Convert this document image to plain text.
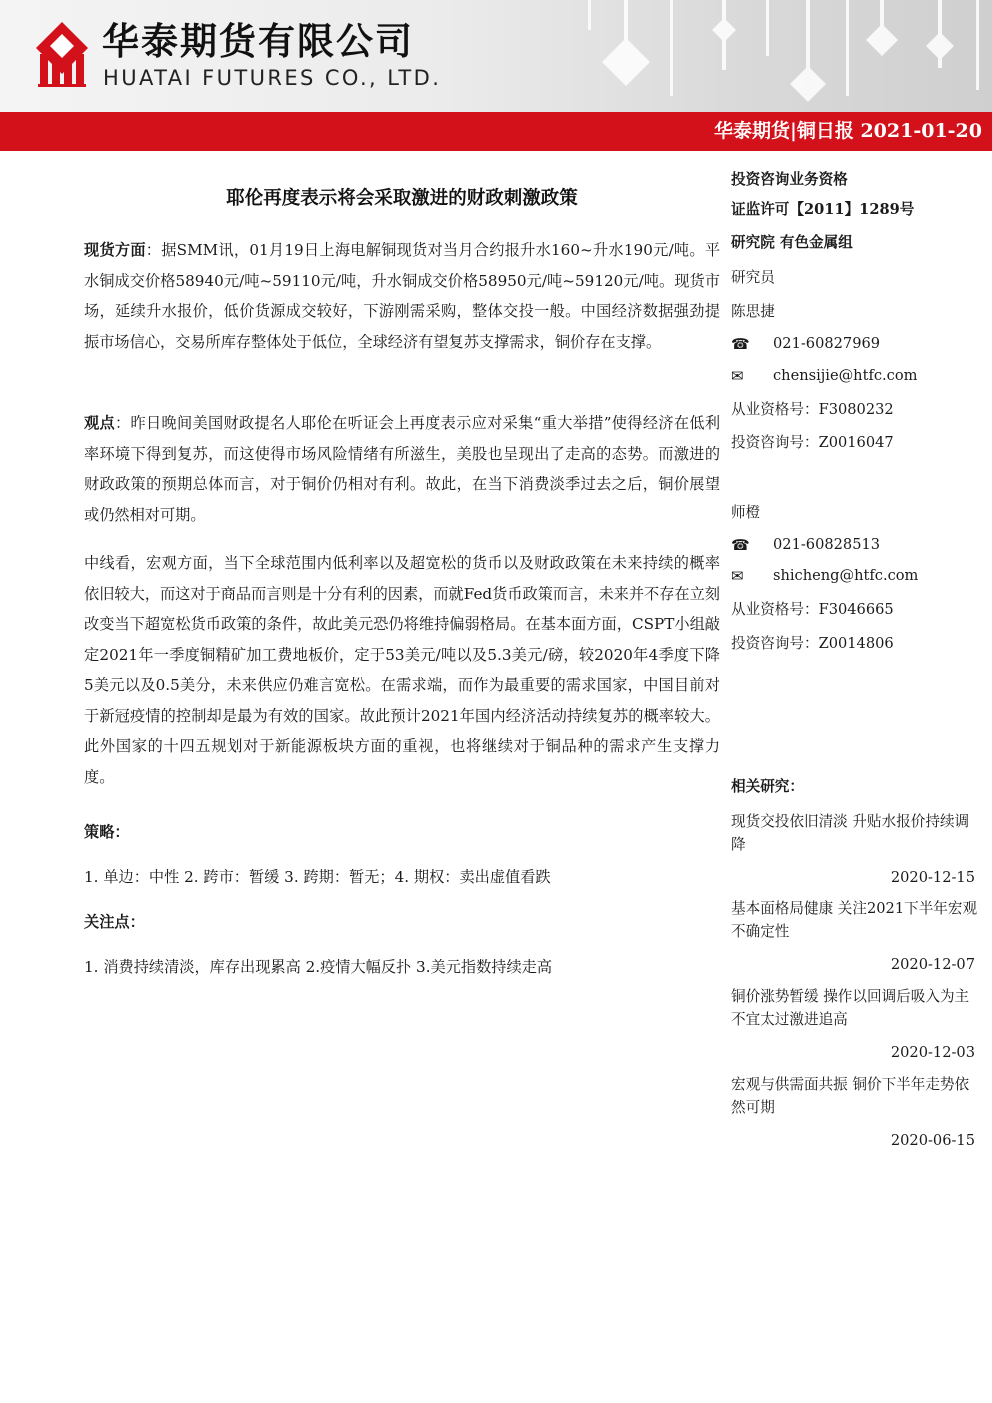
华泰期货有限公司
HUATAI FUTURES CO., LTD.
华泰期货|铜日报 2021-01-20
耶伦再度表示将会采取激进的财政刺激政策

现货方面：据SMM讯，01月19日上海电解铜现货对当月合约报升水160~升水190元/吨。平水铜成交价格58940元/吨~59110元/吨，升水铜成交价格58950元/吨~59120元/吨。现货市场，延续升水报价，低价货源成交较好，下游刚需采购，整体交投一般。中国经济数据强劲提振市场信心，交易所库存整体处于低位，全球经济有望复苏支撑需求，铜价存在支撑。

观点：昨日晚间美国财政提名人耶伦在听证会上再度表示应对采集“重大举措”使得经济在低利率环境下得到复苏，而这使得市场风险情绪有所滋生，美股也呈现出了走高的态势。而激进的财政政策的预期总体而言，对于铜价仍相对有利。故此，在当下消费淡季过去之后，铜价展望或仍然相对可期。

中线看，宏观方面，当下全球范围内低利率以及超宽松的货币以及财政政策在未来持续的概率依旧较大，而这对于商品而言则是十分有利的因素，而就Fed货币政策而言，未来并不存在立刻改变当下超宽松货币政策的条件，故此美元恐仍将维持偏弱格局。在基本面方面，CSPT小组敲定2021年一季度铜精矿加工费地板价，定于53美元/吨以及5.3美元/磅，较2020年4季度下降5美元以及0.5美分，未来供应仍难言宽松。在需求端，而作为最重要的需求国家，中国目前对于新冠疫情的控制却是最为有效的国家。故此预计2021年国内经济活动持续复苏的概率较大。此外国家的十四五规划对于新能源板块方面的重视，也将继续对于铜品种的需求产生支撑力度。

策略：
1. 单边：中性 2. 跨市：暂缓 3. 跨期：暂无；4. 期权：卖出虚值看跌
关注点：
1. 消费持续清淡，库存出现累高 2.疫情大幅反扑 3.美元指数持续走高
投资咨询业务资格
证监许可【2011】1289号
研究院 有色金属组
研究员
陈思捷
☎ 021-60827969
✉ chensijie@htfc.com
从业资格号：F3080232
投资咨询号：Z0016047
师橙
☎ 021-60828513
✉ shicheng@htfc.com
从业资格号：F3046665
投资咨询号：Z0014806
相关研究：
现货交投依旧清淡 升贴水报价持续调降
2020-12-15
基本面格局健康 关注2021下半年宏观不确定性
2020-12-07
铜价涨势暂缓 操作以回调后吸入为主不宜太过激进追高
2020-12-03
宏观与供需面共振 铜价下半年走势依然可期
2020-06-15
